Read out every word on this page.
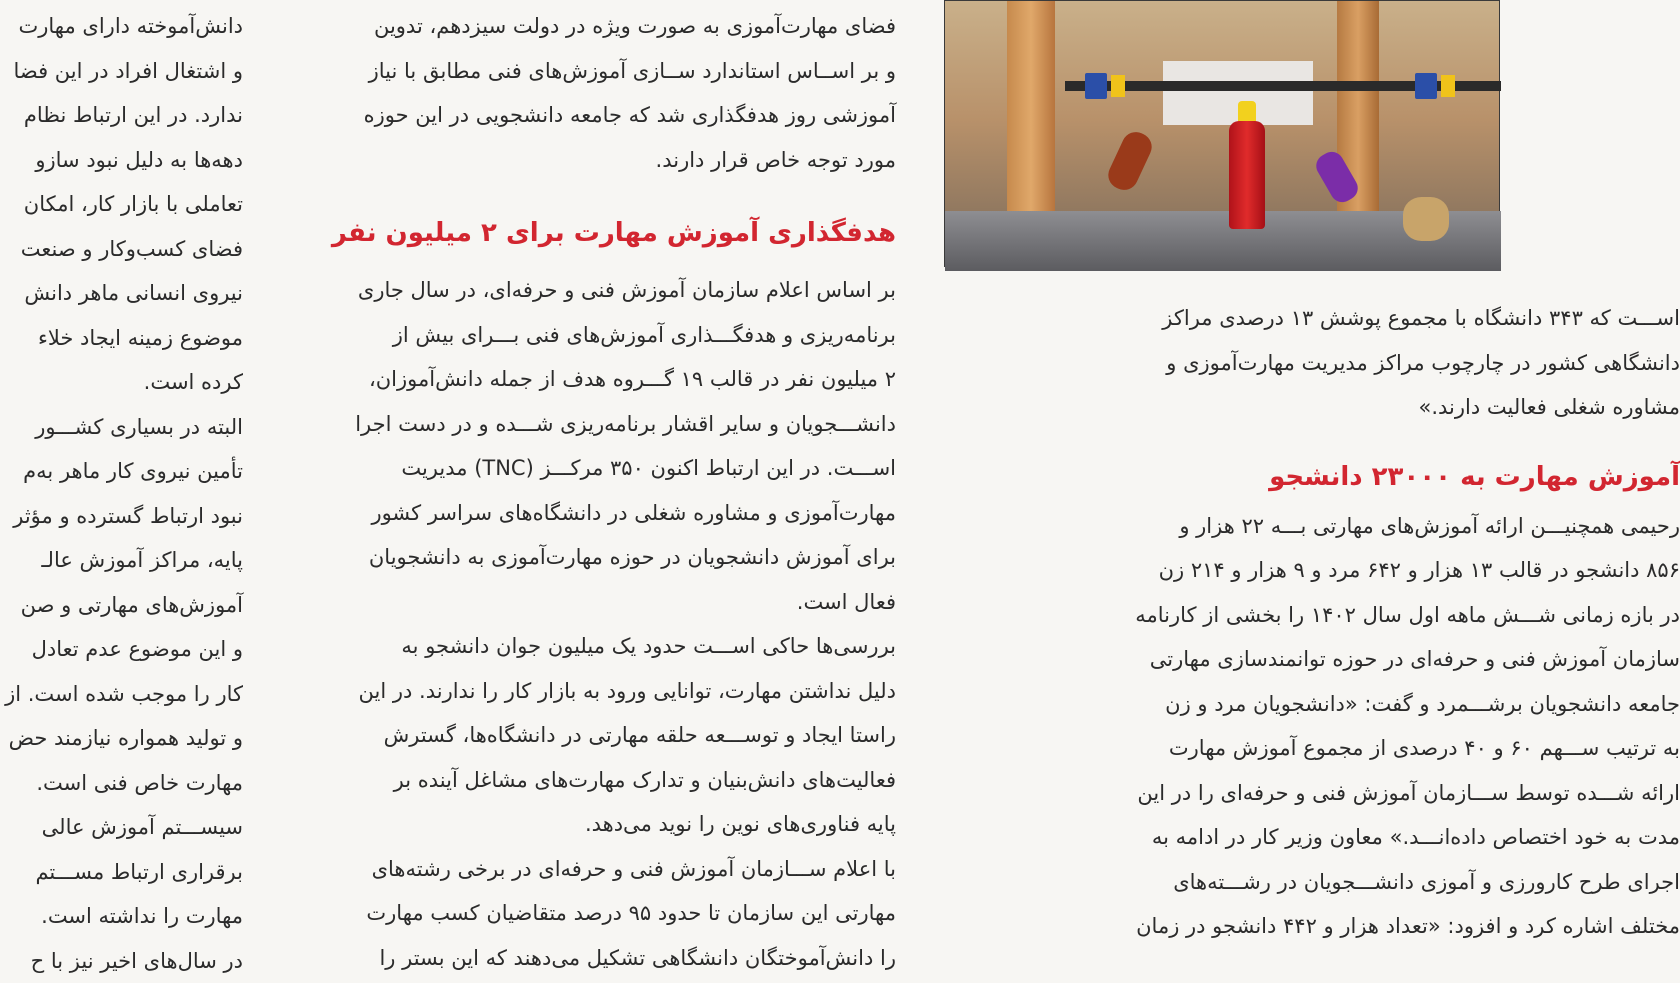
دانش‌آموخته دارای مهارت
و اشتغال افراد در این فضا
ندارد. در این ارتباط نظام
دهه‌ها به دلیل نبود سازو
تعاملی با بازار کار، امکان
فضای کسب‌وکار و صنعت
نیروی انسانی ماهر دانش
موضوع زمینه ایجاد خلاء
کرده است.
البته در بسیاری کشـــور
تأمین نیروی کار ماهر به‌م
نبود ارتباط گسترده و مؤثر
پایه، مراکز آموزش عالـ
آموزش‌های مهارتی و صن
و این موضوع عدم تعادل
کار را موجب شده است. از
و تولید همواره نیازمند حض
مهارت خاص فنی است.
سیســـتم آموزش عالی
برقراری ارتباط مســـتم
مهارت را نداشته است.
در سال‌های اخیر نیز با ح
فضای مهارت‌آموزی به صورت ویژه در دولت سیزدهم، تدوین
و بر اســاس استاندارد ســازی آموزش‌های فنی مطابق با نیاز
آموزشی روز هدفگذاری شد که جامعه دانشجویی در این حوزه
مورد توجه خاص قرار دارند.
هدفگذاری آموزش مهارت برای ۲ میلیون نفر
بر اساس اعلام سازمان آموزش فنی و حرفه‌ای، در سال جاری
برنامه‌ریزی و هدفگـــذاری آموزش‌های فنی بـــرای بیش از
۲ میلیون نفر در قالب ۱۹ گـــروه هدف از جمله دانش‌آموزان،
دانشـــجویان و سایر اقشار برنامه‌ریزی شـــده و در دست اجرا
اســـت. در این ارتباط اکنون ۳۵۰ مرکـــز (TNC) مدیریت
مهارت‌آموزی و مشاوره شغلی در دانشگاه‌های سراسر کشور
برای آموزش دانشجویان در حوزه مهارت‌آموزی به دانشجویان
فعال است.
بررسی‌ها حاکی اســـت حدود یک میلیون جوان دانشجو به
دلیل نداشتن مهارت، توانایی ورود به بازار کار را ندارند. در این
راستا ایجاد و توســـعه حلقه مهارتی در دانشگاه‌ها، گسترش
فعالیت‌های دانش‌بنیان و تدارک مهارت‌های مشاغل آینده بر
پایه فناوری‌های نوین را نوید می‌دهد.
با اعلام ســـازمان آموزش فنی و حرفه‌ای در برخی رشته‌های
مهارتی این سازمان تا حدود ۹۵ درصد متقاضیان کسب مهارت
را دانش‌آموختگان دانشگاهی تشکیل می‌دهند که این بستر را
اســـت که ۳۴۳ دانشگاه با مجموع پوشش ۱۳ درصدی مراکز
دانشگاهی کشور در چارچوب مراکز مدیریت مهارت‌آموزی و
مشاوره شغلی فعالیت دارند.»
آموزش مهارت به ۲۳۰۰۰ دانشجو
رحیمی همچنیـــن ارائه آموزش‌های مهارتی بـــه ۲۲ هزار و
۸۵۶ دانشجو در قالب ۱۳ هزار و ۶۴۲ مرد و ۹ هزار و ۲۱۴ زن
در بازه زمانی شـــش ماهه اول سال ۱۴۰۲ را بخشی از کارنامه
سازمان آموزش فنی و حرفه‌ای در حوزه توانمندسازی مهارتی
جامعه دانشجویان برشـــمرد و گفت: «دانشجویان مرد و زن
به ترتیب ســـهم ۶۰ و ۴۰ درصدی از مجموع آموزش مهارت
ارائه شـــده توسط ســـازمان آموزش فنی و حرفه‌ای را در این
مدت به خود اختصاص داده‌انـــد.» معاون وزیر کار در ادامه به
اجرای طرح کارورزی و آموزی دانشـــجویان در رشـــته‌های
مختلف اشاره کرد و افزود: «تعداد هزار و ۴۴۲ دانشجو در زمان
